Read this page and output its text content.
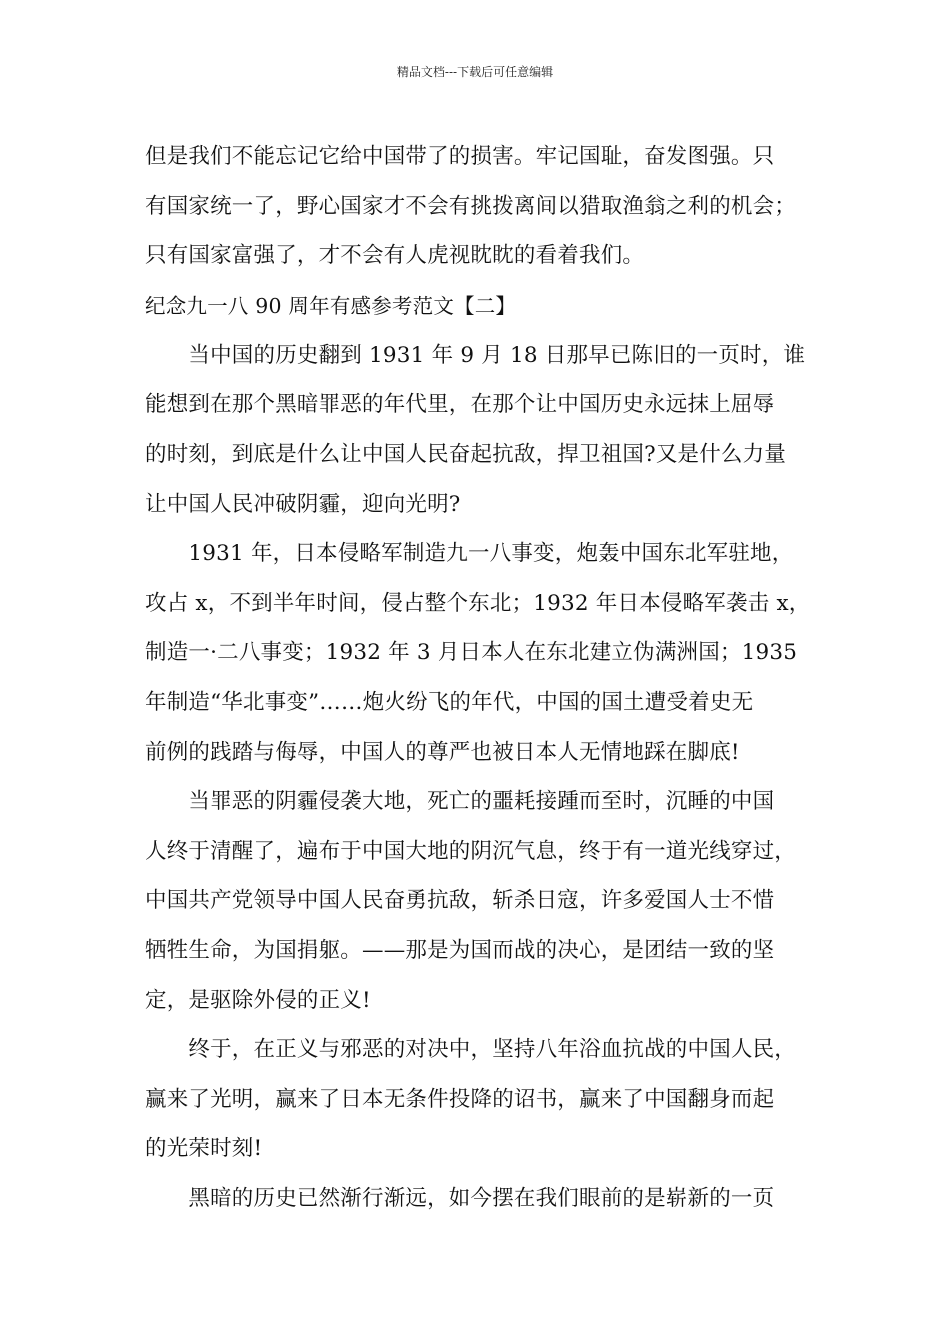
精品文档---下载后可任意编辑
但是我们不能忘记它给中国带了的损害。牢记国耻，奋发图强。只
有国家统一了，野心国家才不会有挑拨离间以猎取渔翁之利的机会；
只有国家富强了，才不会有人虎视眈眈的看着我们。
纪念九一八 90 周年有感参考范文【二】
　　当中国的历史翻到 1931 年 9 月 18 日那早已陈旧的一页时，谁
能想到在那个黑暗罪恶的年代里，在那个让中国历史永远抹上屈辱
的时刻，到底是什么让中国人民奋起抗敌，捍卫祖国?又是什么力量
让中国人民冲破阴霾，迎向光明?
　　1931 年，日本侵略军制造九一八事变，炮轰中国东北军驻地，
攻占 x，不到半年时间，侵占整个东北；1932 年日本侵略军袭击 x，
制造一·二八事变；1932 年 3 月日本人在东北建立伪满洲国；1935
年制造“华北事变”……炮火纷飞的年代，中国的国土遭受着史无
前例的践踏与侮辱，中国人的尊严也被日本人无情地踩在脚底!
　　当罪恶的阴霾侵袭大地，死亡的噩耗接踵而至时，沉睡的中国
人终于清醒了，遍布于中国大地的阴沉气息，终于有一道光线穿过，
中国共产党领导中国人民奋勇抗敌，斩杀日寇，许多爱国人士不惜
牺牲生命，为国捐躯。——那是为国而战的决心，是团结一致的坚
定，是驱除外侵的正义!
　　终于，在正义与邪恶的对决中，坚持八年浴血抗战的中国人民，
赢来了光明，赢来了日本无条件投降的诏书，赢来了中国翻身而起
的光荣时刻!
　　黑暗的历史已然渐行渐远，如今摆在我们眼前的是崭新的一页
